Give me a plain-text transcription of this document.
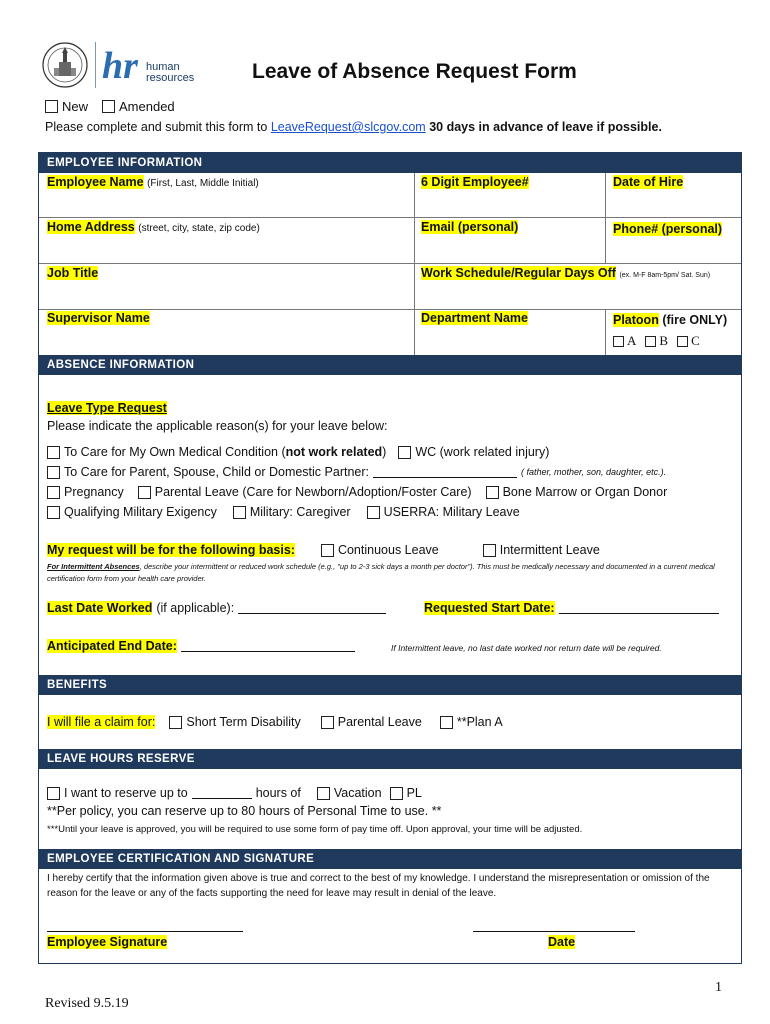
hr human
resources	Leave of Absence Request Form
New Amended
Please complete and submit this form to LeaveRequest@slcgov.com 30 days in advance of leave if possible.
EMPLOYEE INFORMATION
Employee Name (First, Last, Middle Initial)	6 Digit Employee#	Date of Hire
Home Address (street, city, state, zip code)	Email (personal)	Phone# (personal)
Job Title	Work Schedule/Regular Days Off (ex. M-F 8am-5pm/ Sat. Sun)
Supervisor Name	Department Name	Platoon (fire ONLY)
A B C
ABSENCE INFORMATION
Leave Type Request
Please indicate the applicable reason(s) for your leave below:
To Care for My Own Medical Condition (not work related) WC (work related injury)
To Care for Parent, Spouse, Child or Domestic Partner:	( father, mother, son, daughter, etc.).
Pregnancy Parental Leave (Care for Newborn/Adoption/Foster Care) Bone Marrow or Organ Donor
Qualifying Military Exigency	Military: Caregiver	USERRA: Military Leave
My request will be for the following basis:	Continuous Leave	Intermittent Leave
For Intermittent Absences, describe your intermittent or reduced work schedule (e.g., "up to 2-3 sick days a month per doctor"). This must be medically necessary and documented in a current medical certification form from your health care provider.
Last Date Worked (if applicable):	Requested Start Date:
Anticipated End Date:	If Intermittent leave, no last date worked nor return date will be required.
BENEFITS
I will file a claim for: Short Term Disability	Parental Leave	**Plan A
LEAVE HOURS RESERVE
I want to reserve up to	hours of	Vacation PL
**Per policy, you can reserve up to 80 hours of Personal Time to use. **
***Until your leave is approved, you will be required to use some form of pay time off. Upon approval, your time will be adjusted.
EMPLOYEE CERTIFICATION AND SIGNATURE
I hereby certify that the information given above is true and correct to the best of my knowledge. I understand the misrepresentation or omission of the reason for the leave or any of the facts supporting the need for leave may result in denial of the leave.
Employee Signature	Date
1
Revised 9.5.19
